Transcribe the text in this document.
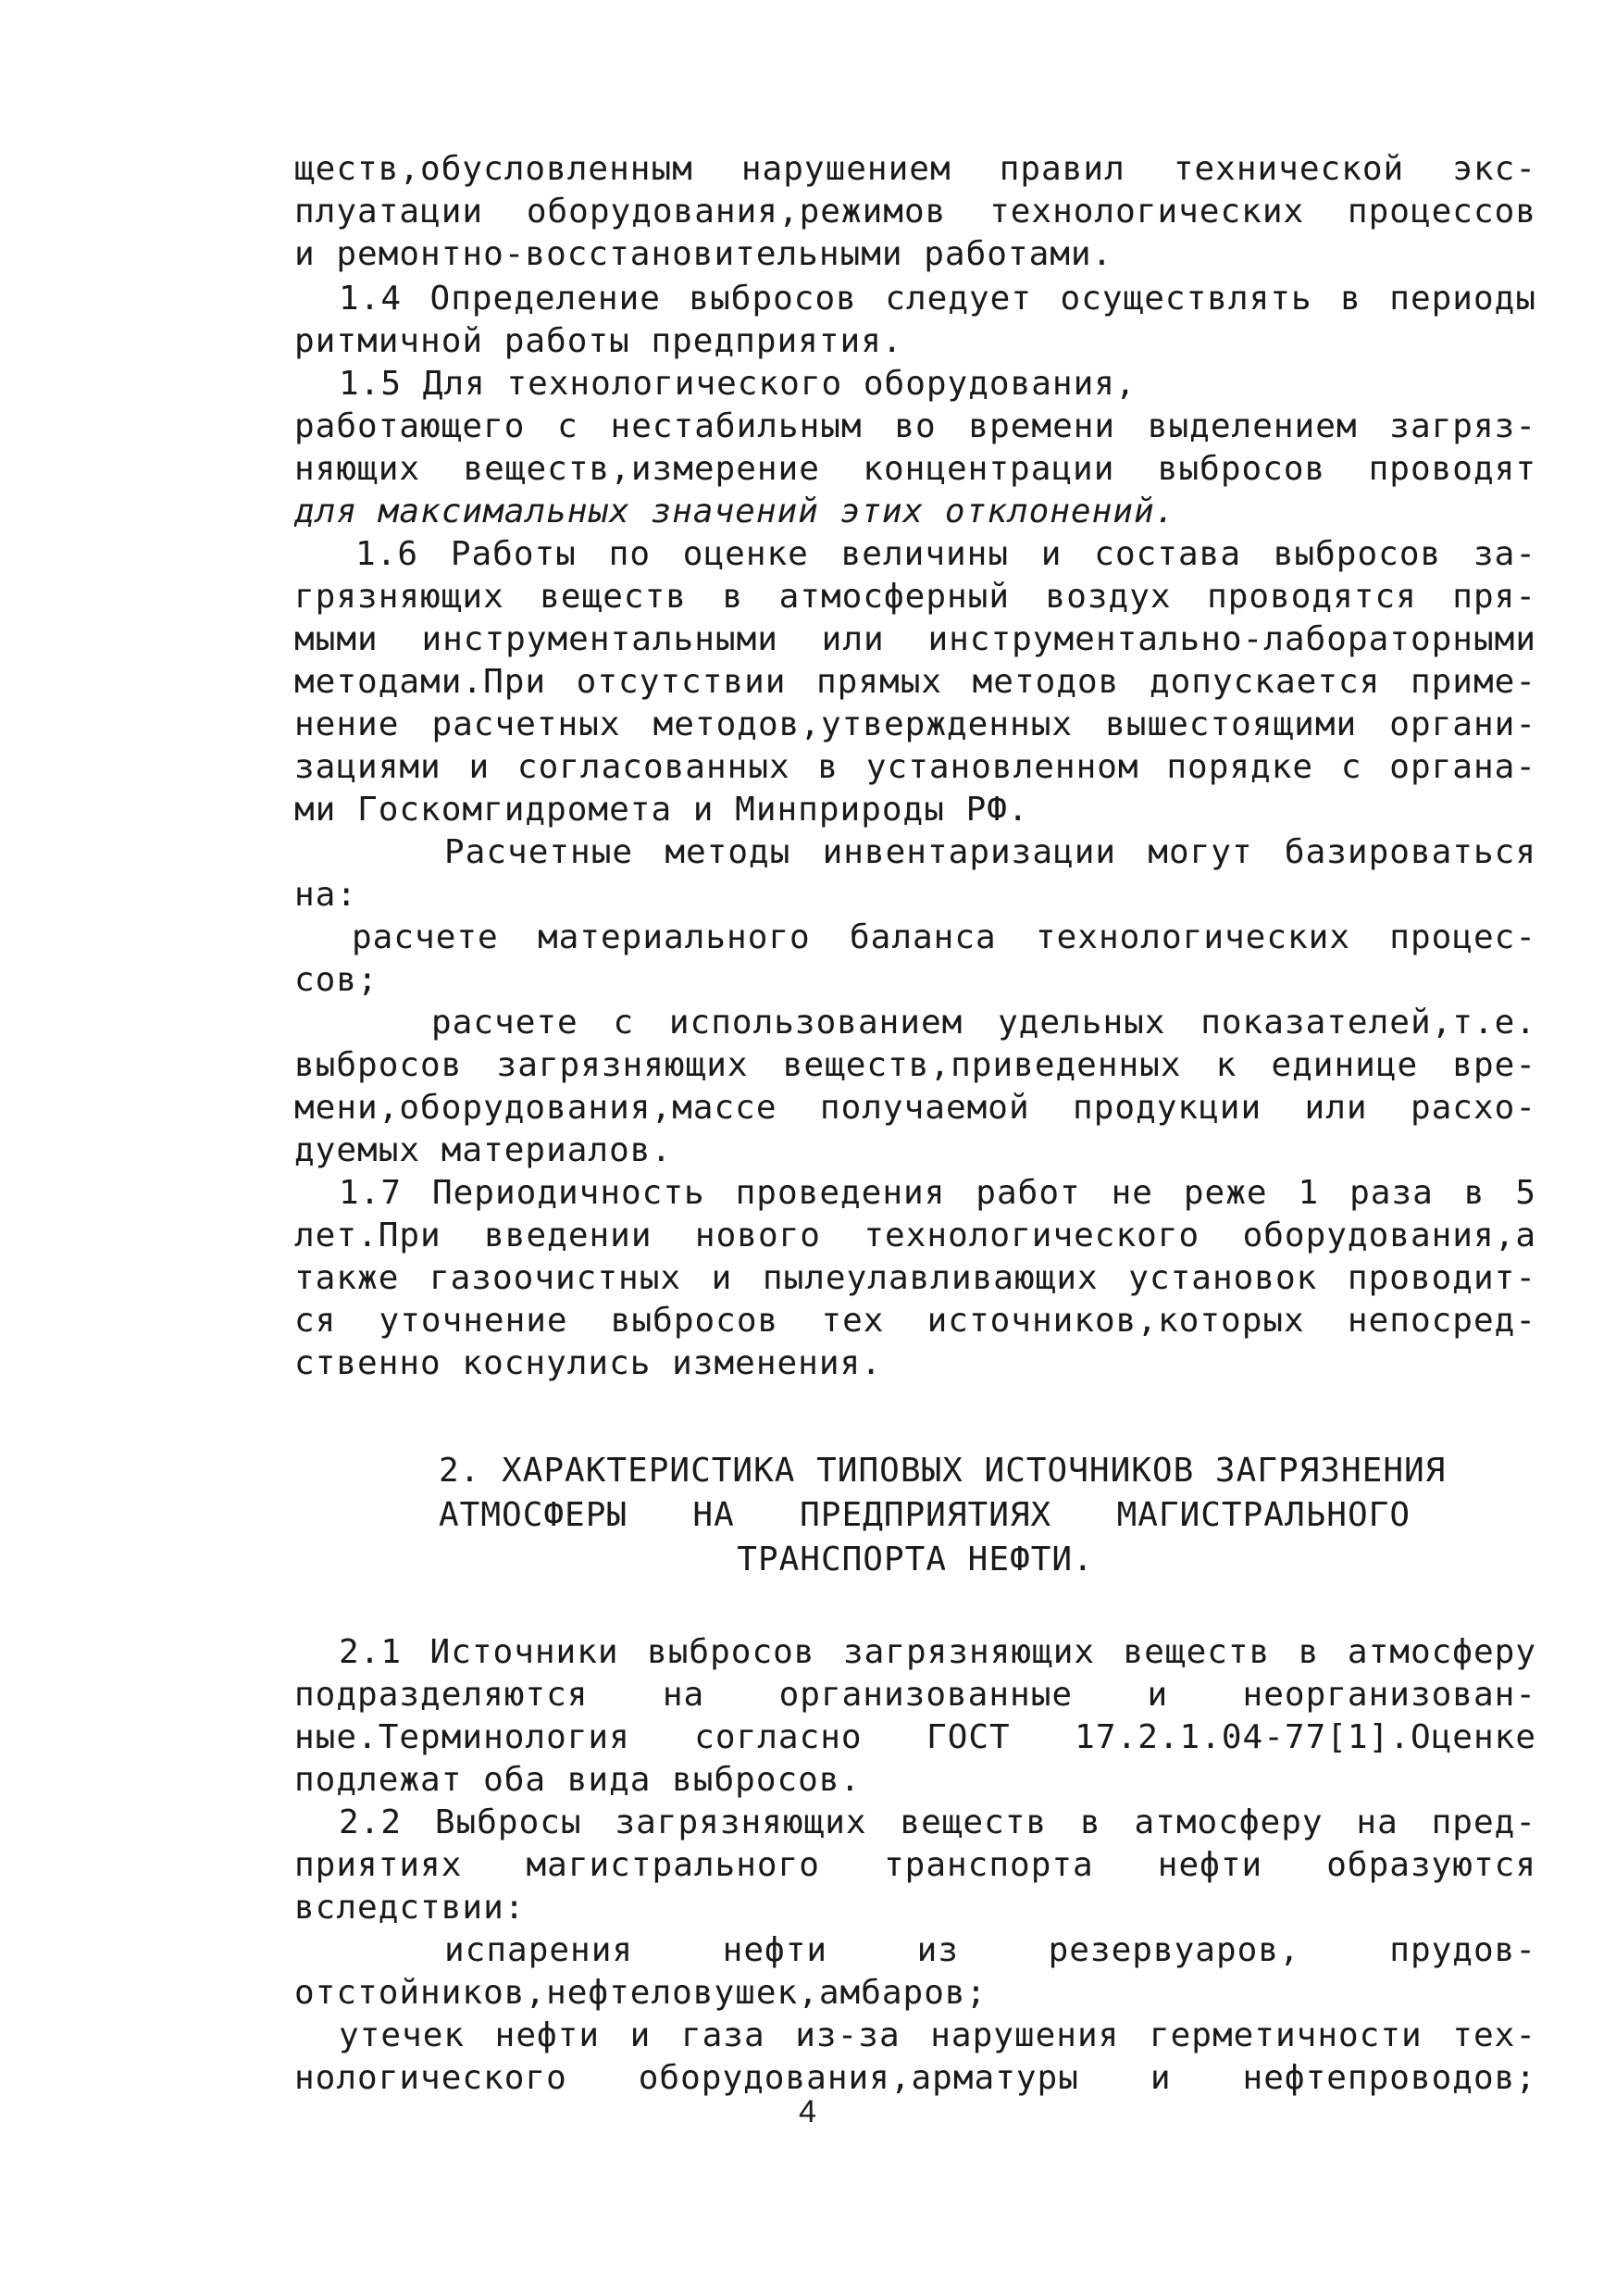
ществ,обусловленным нарушением правил технической экс-
плуатации оборудования,режимов технологических процессов
и ремонтно-восстановительными работами.
1.4 Определение выбросов следует осуществлять в периоды
ритмичной работы предприятия.
1.5 Для технологического оборудования,
работающего с нестабильным во времени выделением загряз-
няющих веществ,измерение концентрации выбросов проводят
для максимальных значений этих отклонений.
1.6 Работы по оценке величины и состава выбросов за-
грязняющих веществ в атмосферный воздух проводятся пря-
мыми инструментальными или инструментально-лабораторными
методами.При отсутствии прямых методов допускается приме-
нение расчетных методов,утвержденных вышестоящими органи-
зациями и согласованных в установленном порядке с органа-
ми Госкомгидромета и Минприроды РФ.
Расчетные методы инвентаризации могут базироваться
на:
расчете материального баланса технологических процес-
сов;
расчете с использованием удельных показателей,т.е.
выбросов загрязняющих веществ,приведенных к единице вре-
мени,оборудования,массе получаемой продукции или расхо-
дуемых материалов.
1.7 Периодичность проведения работ не реже 1 раза в 5
лет.При введении нового технологического оборудования,а
также газоочистных и пылеулавливающих установок проводит-
ся уточнение выбросов тех источников,которых непосред-
ственно коснулись изменения.
2. ХАРАКТЕРИСТИКА ТИПОВЫХ ИСТОЧНИКОВ ЗАГРЯЗНЕНИЯ
АТМОСФЕРЫ НА ПРЕДПРИЯТИЯХ МАГИСТРАЛЬНОГО
ТРАНСПОРТА НЕФТИ.
2.1 Источники выбросов загрязняющих веществ в атмосферу
подразделяются на организованные и неорганизован-
ные.Терминология согласно ГОСТ 17.2.1.04-77[1].Оценке
подлежат оба вида выбросов.
2.2 Выбросы загрязняющих веществ в атмосферу на пред-
приятиях магистрального транспорта нефти образуются
вследствии:
испарения нефти из резервуаров, прудов-
отстойников,нефтеловушек,амбаров;
утечек нефти и газа из-за нарушения герметичности тех-
нологического оборудования,арматуры и нефтепроводов;
4
